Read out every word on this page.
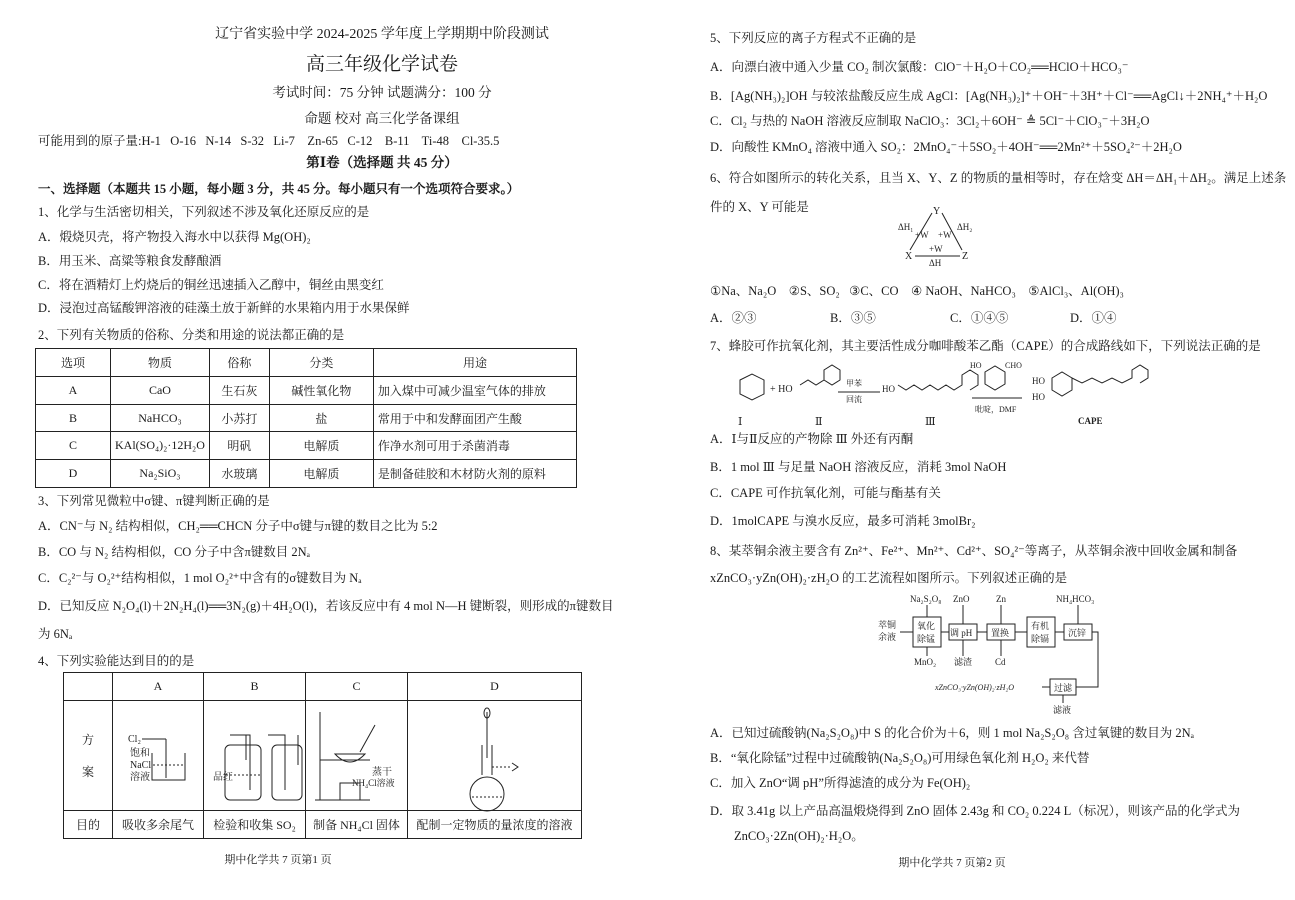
辽宁省实验中学 2024-2025 学年度上学期期中阶段测试
高三年级化学试卷
考试时间：75 分钟 试题满分：100 分
命题 校对 高三化学备课组
可能用到的原子量:H-1   O-16   N-14   S-32   Li-7    Zn-65   C-12    B-11    Ti-48    Cl-35.5
第Ⅰ卷（选择题 共 45 分）
一、选择题（本题共 15 小题，每小题 3 分，共 45 分。每小题只有一个选项符合要求。）
1、化学与生活密切相关，下列叙述不涉及氧化还原反应的是
A．煅烧贝壳，将产物投入海水中以获得 Mg(OH)₂
B．用玉米、高粱等粮食发酵酿酒
C．将在酒精灯上灼烧后的铜丝迅速插入乙醇中，铜丝由黑变红
D．浸泡过高锰酸钾溶液的硅藻土放于新鲜的水果箱内用于水果保鲜
2、下列有关物质的俗称、分类和用途的说法都正确的是
选项	物质	俗称	分类	用途
A	CaO	生石灰	碱性氧化物	加入煤中可减少温室气体的排放
B	NaHCO₃	小苏打	盐	常用于中和发酵面团产生酸
C	KAl(SO₄)₂·12H₂O	明矾	电解质	作净水剂可用于杀菌消毒
D	Na₂SiO₃	水玻璃	电解质	是制备硅胶和木材防火剂的原料
3、下列常见微粒中σ键、π键判断正确的是
A．CN⁻与 N₂ 结构相似，CH₂══CHCN 分子中σ键与π键的数目之比为 5:2
B．CO 与 N₂ 结构相似，CO 分子中含π键数目 2Nₐ
C．C₂²⁻与 O₂²⁺结构相似，1 mol O₂²⁺中含有的σ键数目为 Nₐ
D．已知反应 N₂O₄(l)＋2N₂H₄(l)══3N₂(g)＋4H₂O(l)，若该反应中有 4 mol N—H 键断裂，则形成的π键数目
为 6Nₐ
4、下列实验能达到目的的是
	A	B	C	D
方

案				
目的	吸收多余尾气	检验和收集 SO₂	制备 NH₄Cl 固体	配制一定物质的量浓度的溶液
Cl₂
饱和
NaCl
溶液	品红	蒸干
NH₄Cl溶液
期中化学共 7 页第1 页
5、下列反应的离子方程式不正确的是
A．向漂白液中通入少量 CO₂ 制次氯酸：ClO⁻＋H₂O＋CO₂══HClO＋HCO₃⁻
B．[Ag(NH₃)₂]OH 与较浓盐酸反应生成 AgCl：[Ag(NH₃)₂]⁺＋OH⁻＋3H⁺＋Cl⁻══AgCl↓＋2NH₄⁺＋H₂O
C．Cl₂ 与热的 NaOH 溶液反应制取 NaClO₃：3Cl₂＋6OH⁻ ≜ 5Cl⁻＋ClO₃⁻＋3H₂O
D．向酸性 KMnO₄ 溶液中通入 SO₂：2MnO₄⁻＋5SO₂＋4OH⁻══2Mn²⁺＋5SO₄²⁻＋2H₂O
6、符合如图所示的转化关系，且当 X、Y、Z 的物质的量相等时，存在焓变 ΔH＝ΔH₁＋ΔH₂。满足上述条
件的 X、Y 可能是	Y
X	Z
ΔH₁	ΔH₂
+W +W
+W
ΔH
①Na、Na₂O    ②S、SO₂   ③C、CO    ④ NaOH、NaHCO₃    ⑤AlCl₃、Al(OH)₃
A．②③	B．③⑤	C．①④⑤	D．①④
7、蜂胶可作抗氧化剂，其主要活性成分咖啡酸苯乙酯（CAPE）的合成路线如下，下列说法正确的是
Ⅰ
+ HO
Ⅱ
甲苯
回流
HO
Ⅲ
HO	CHO
吡啶，DMF
HO
HO
CAPE
A．Ⅰ与Ⅱ反应的产物除 Ⅲ 外还有丙酮
B．1 mol Ⅲ 与足量 NaOH 溶液反应，消耗 3mol NaOH
C．CAPE 可作抗氧化剂，可能与酯基有关
D．1molCAPE 与溴水反应，最多可消耗 3molBr₂
8、某萃铜余液主要含有 Zn²⁺、Fe²⁺、Mn²⁺、Cd²⁺、SO₄²⁻等离子，从萃铜余液中回收金属和制备
xZnCO₃·yZn(OH)₂·zH₂O 的工艺流程如图所示。下列叙述正确的是
萃铜
余液
氧化
除锰
调 pH 置换
有机
除镉
沉锌
过滤
Na₂S₂O₈ ZnO	Zn	NH₄HCO₃
MnO₂ 滤渣	Cd
滤液
xZnCO₃·yZn(OH)₂·zH₂O
A．已知过硫酸钠(Na₂S₂O₈)中 S 的化合价为＋6，则 1 mol Na₂S₂O₈ 含过氧键的数目为 2Nₐ
B．“氧化除锰”过程中过硫酸钠(Na₂S₂O₈)可用绿色氧化剂 H₂O₂ 来代替
C．加入 ZnO“调 pH”所得滤渣的成分为 Fe(OH)₂
D．取 3.41g 以上产品高温煅烧得到 ZnO 固体 2.43g 和 CO₂ 0.224 L（标况），则该产品的化学式为
ZnCO₃·2Zn(OH)₂·H₂O。
期中化学共 7 页第2 页
